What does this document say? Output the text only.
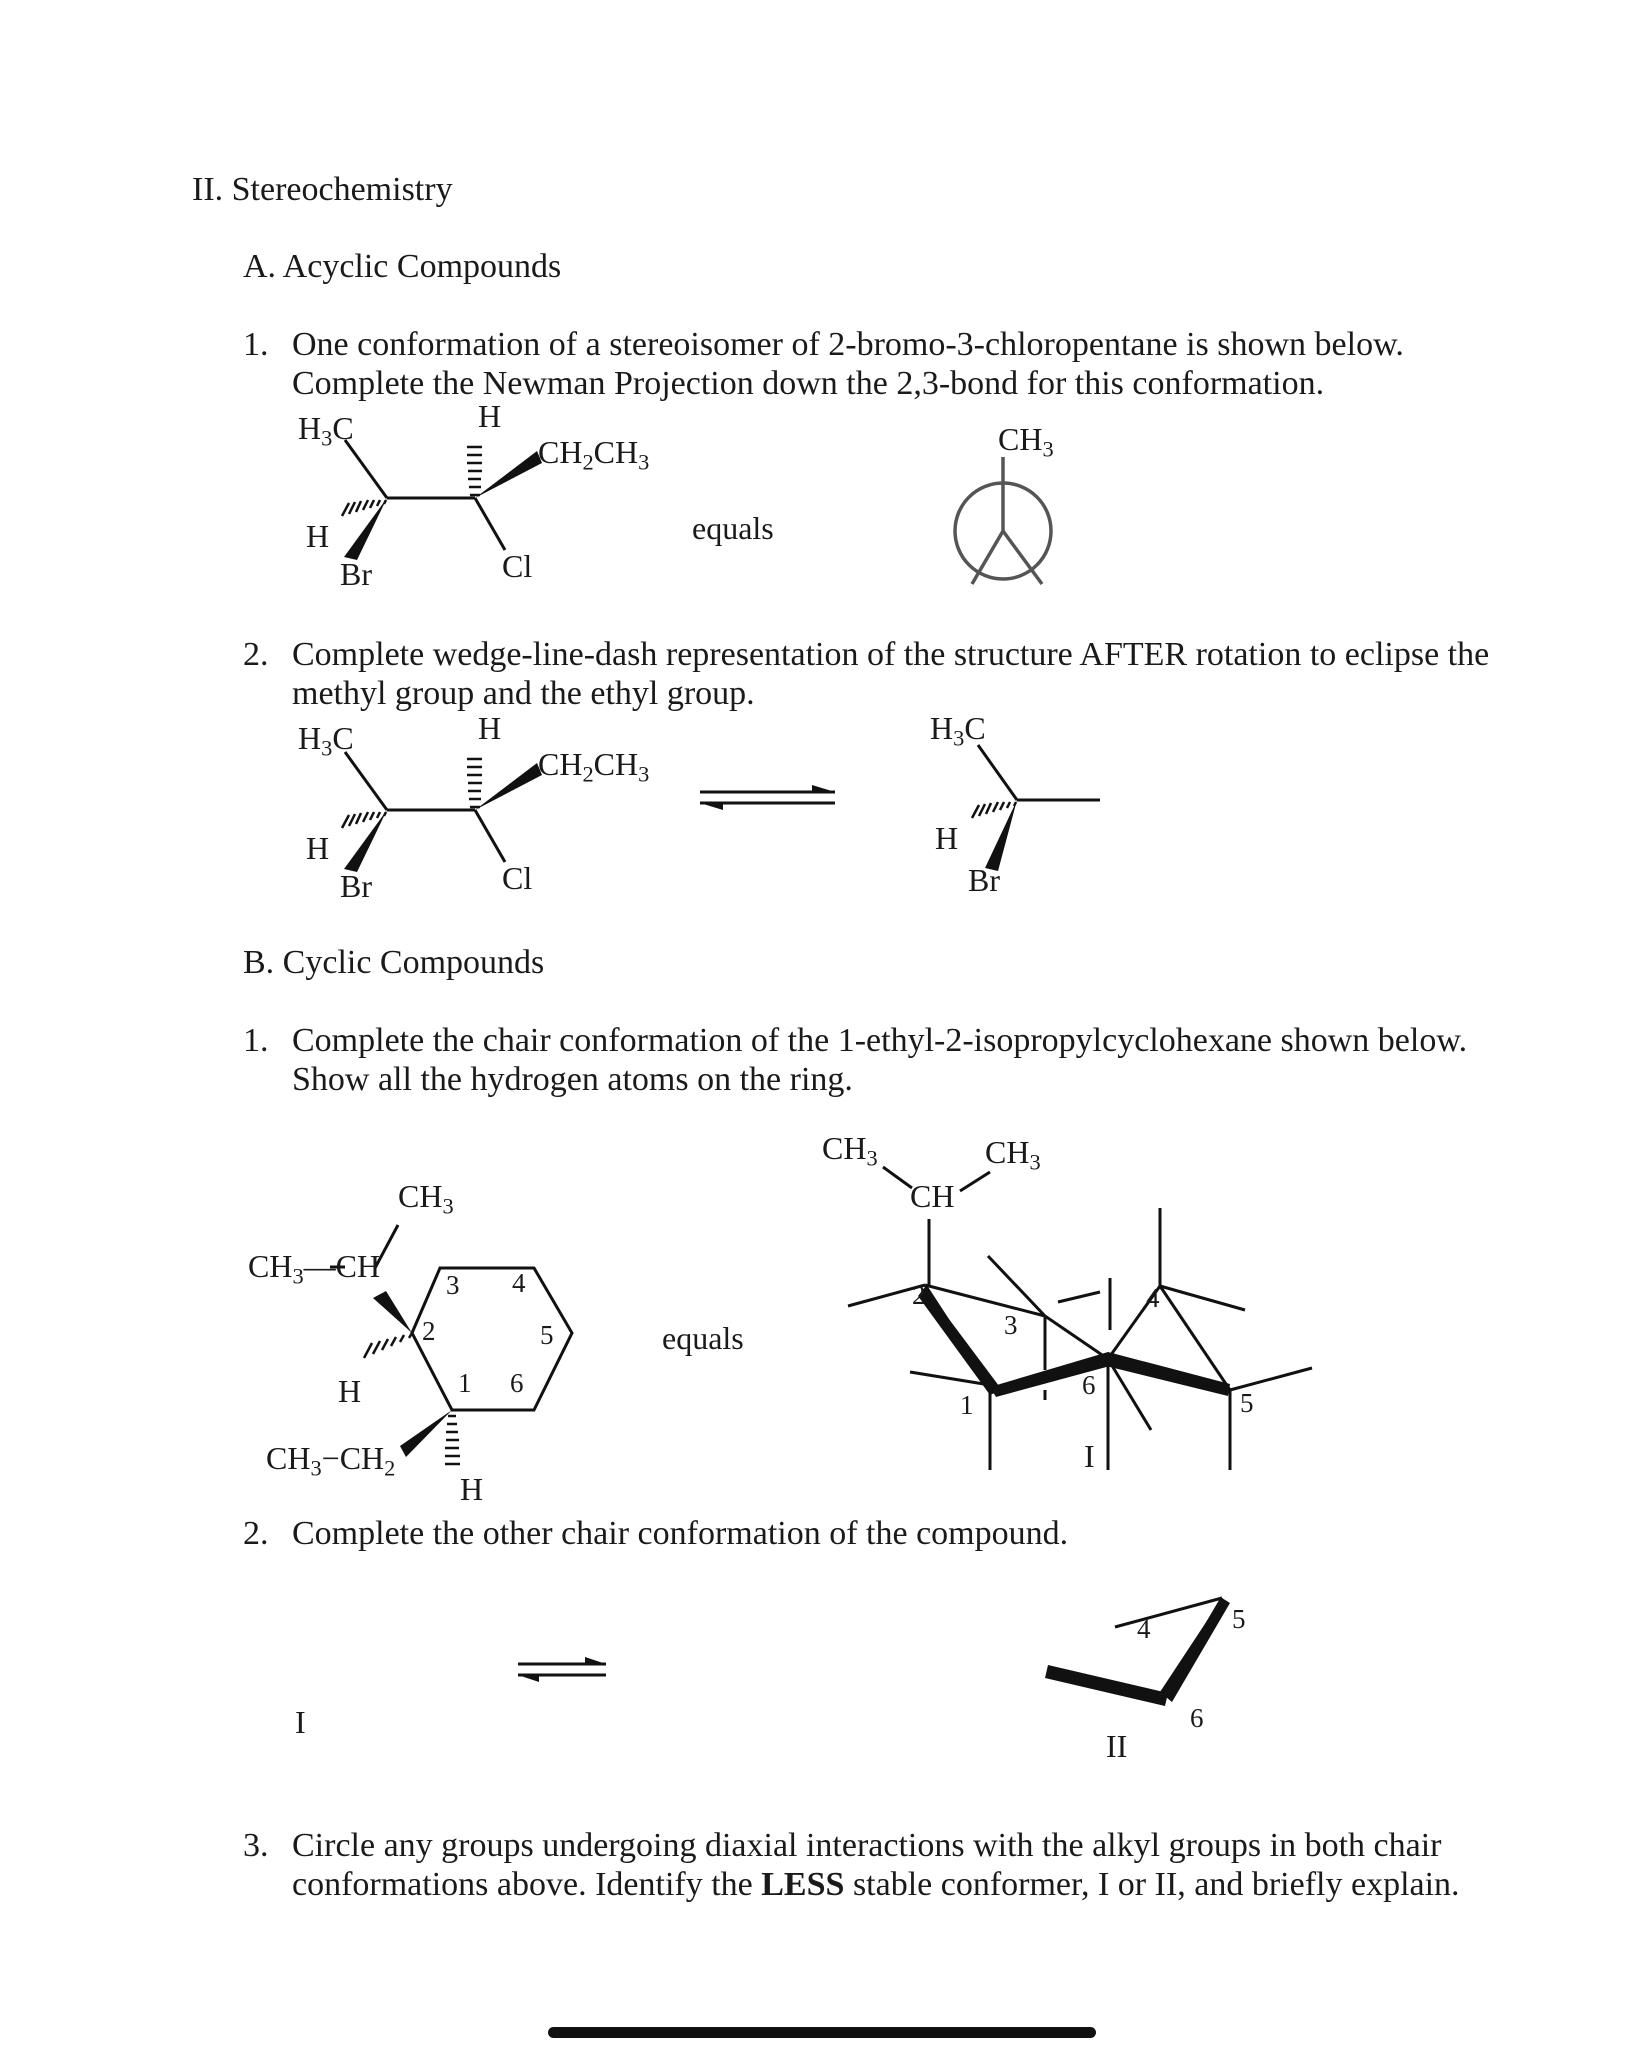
II. Stereochemistry
A. Acyclic Compounds
1. One conformation of a stereoisomer of 2-bromo-3-chloropentane is shown below. Complete the Newman Projection down the 2,3-bond for this conformation.
2. Complete wedge-line-dash representation of the structure AFTER rotation to eclipse the methyl group and the ethyl group.
B. Cyclic Compounds
1. Complete the chair conformation of the 1-ethyl-2-isopropylcyclohexane shown below. Show all the hydrogen atoms on the ring.
2. Complete the other chair conformation of the compound.
3. Circle any groups undergoing diaxial interactions with the alkyl groups in both chair conformations above. Identify the LESS stable conformer, I or II, and briefly explain.
$H_3C$	H
$CH_2CH_3$
H
Br	Cl
equals
$CH_3$
$H_3C$	H
$CH_2CH_3$
H
Br	Cl
$H_3C$
H
Br
$CH_3$
$CH_3—CH$
H
$CH_3-CH_2$
H
3 4
2	5
1 6
equals
$CH_3$	$CH_3$
CH
2
3
4
1
6
5
I
I
4	5
6
II
